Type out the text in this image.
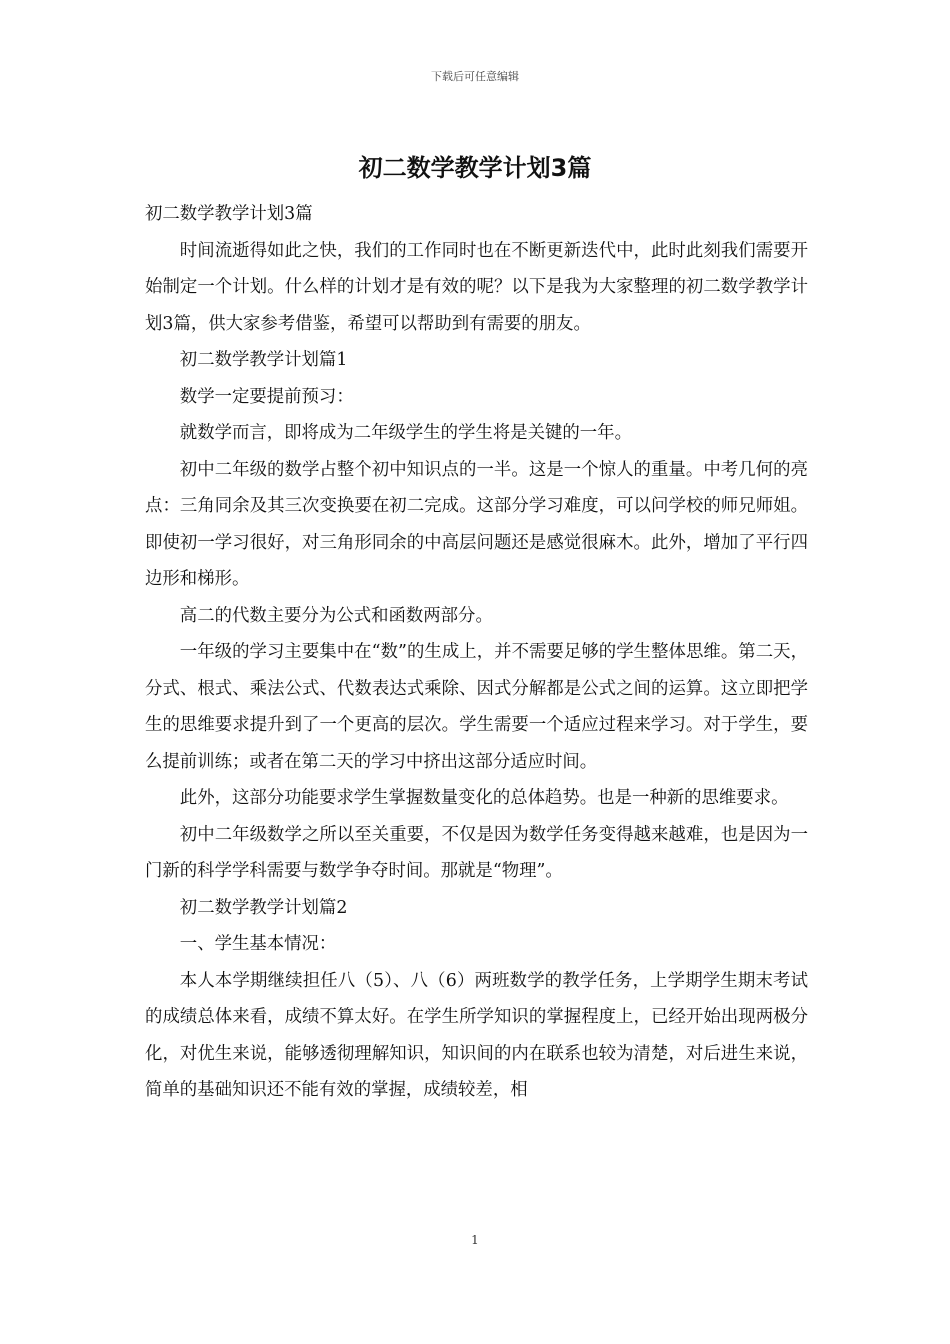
下载后可任意编辑
初二数学教学计划3篇

初二数学教学计划3篇

时间流逝得如此之快，我们的工作同时也在不断更新迭代中，此时此刻我们需要开始制定一个计划。什么样的计划才是有效的呢？以下是我为大家整理的初二数学教学计划3篇，供大家参考借鉴，希望可以帮助到有需要的朋友。

初二数学教学计划篇1

数学一定要提前预习：

就数学而言，即将成为二年级学生的学生将是关键的一年。

初中二年级的数学占整个初中知识点的一半。这是一个惊人的重量。中考几何的亮点：三角同余及其三次变换要在初二完成。这部分学习难度，可以问学校的师兄师姐。即使初一学习很好，对三角形同余的中高层问题还是感觉很麻木。此外，增加了平行四边形和梯形。

高二的代数主要分为公式和函数两部分。

一年级的学习主要集中在“数”的生成上，并不需要足够的学生整体思维。第二天，分式、根式、乘法公式、代数表达式乘除、因式分解都是公式之间的运算。这立即把学生的思维要求提升到了一个更高的层次。学生需要一个适应过程来学习。对于学生，要么提前训练；或者在第二天的学习中挤出这部分适应时间。

此外，这部分功能要求学生掌握数量变化的总体趋势。也是一种新的思维要求。

初中二年级数学之所以至关重要，不仅是因为数学任务变得越来越难，也是因为一门新的科学学科需要与数学争夺时间。那就是“物理”。

初二数学教学计划篇2

一、学生基本情况：

本人本学期继续担任八（5）、八（6）两班数学的教学任务，上学期学生期末考试的成绩总体来看，成绩不算太好。在学生所学知识的掌握程度上，已经开始出现两极分化，对优生来说，能够透彻理解知识，知识间的内在联系也较为清楚，对后进生来说，简单的基础知识还不能有效的掌握，成绩较差，相

1
